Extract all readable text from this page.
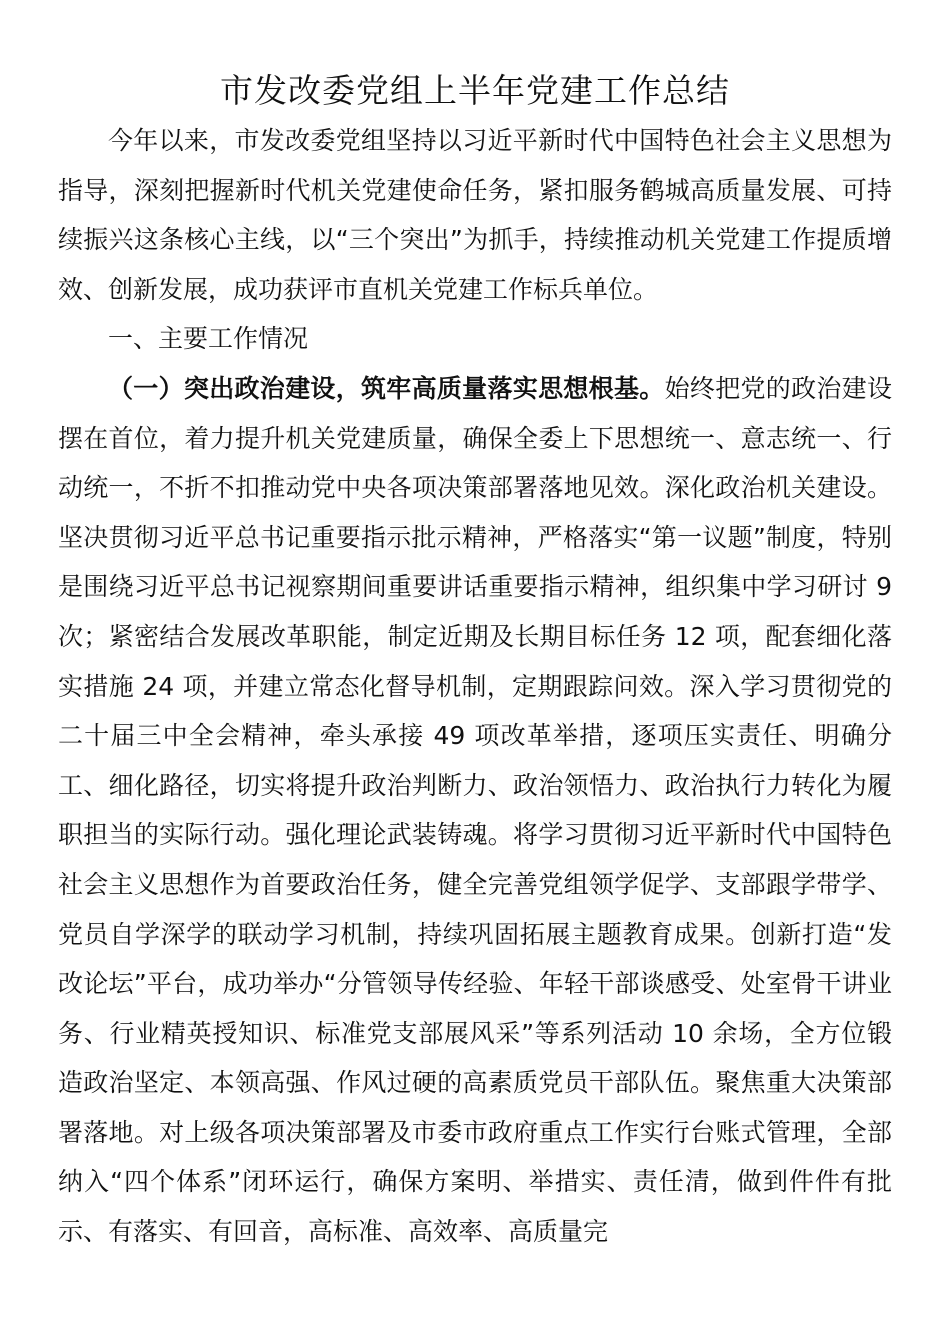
市发改委党组上半年党建工作总结

今年以来，市发改委党组坚持以习近平新时代中国特色社会主义思想为指导，深刻把握新时代机关党建使命任务，紧扣服务鹤城高质量发展、可持续振兴这条核心主线，以“三个突出”为抓手，持续推动机关党建工作提质增效、创新发展，成功获评市直机关党建工作标兵单位。

一、主要工作情况

（一）突出政治建设，筑牢高质量落实思想根基。始终把党的政治建设摆在首位，着力提升机关党建质量，确保全委上下思想统一、意志统一、行动统一，不折不扣推动党中央各项决策部署落地见效。深化政治机关建设。坚决贯彻习近平总书记重要指示批示精神，严格落实“第一议题”制度，特别是围绕习近平总书记视察期间重要讲话重要指示精神，组织集中学习研讨 9 次；紧密结合发展改革职能，制定近期及长期目标任务 12 项，配套细化落实措施 24 项，并建立常态化督导机制，定期跟踪问效。深入学习贯彻党的二十届三中全会精神，牵头承接 49 项改革举措，逐项压实责任、明确分工、细化路径，切实将提升政治判断力、政治领悟力、政治执行力转化为履职担当的实际行动。强化理论武装铸魂。将学习贯彻习近平新时代中国特色社会主义思想作为首要政治任务，健全完善党组领学促学、支部跟学带学、党员自学深学的联动学习机制，持续巩固拓展主题教育成果。创新打造“发改论坛”平台，成功举办“分管领导传经验、年轻干部谈感受、处室骨干讲业务、行业精英授知识、标准党支部展风采”等系列活动 10 余场，全方位锻造政治坚定、本领高强、作风过硬的高素质党员干部队伍。聚焦重大决策部署落地。对上级各项决策部署及市委市政府重点工作实行台账式管理，全部纳入“四个体系”闭环运行，确保方案明、举措实、责任清，做到件件有批示、有落实、有回音，高标准、高效率、高质量完
